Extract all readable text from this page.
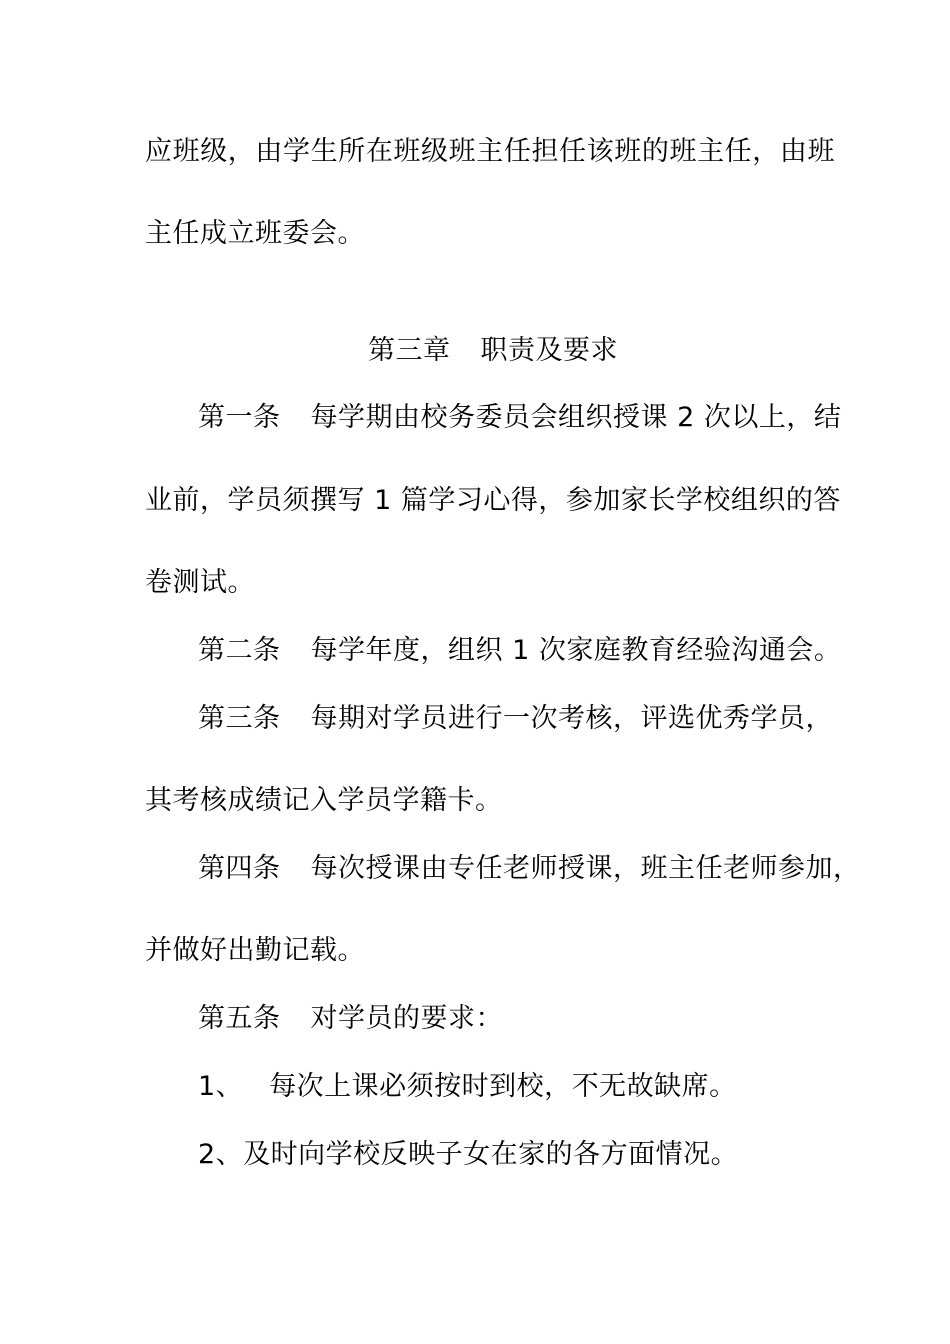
应班级，由学生所在班级班主任担任该班的班主任，由班
主任成立班委会。
第三章 职责及要求
第一条 每学期由校务委员会组织授课 2 次以上，结
业前，学员须撰写 1 篇学习心得，参加家长学校组织的答
卷测试。
第二条 每学年度，组织 1 次家庭教育经验沟通会。
第三条 每期对学员进行一次考核，评选优秀学员，
其考核成绩记入学员学籍卡。
第四条 每次授课由专任老师授课，班主任老师参加，
并做好出勤记载。
第五条 对学员的要求：
1、 每次上课必须按时到校，不无故缺席。
2、及时向学校反映子女在家的各方面情况。
